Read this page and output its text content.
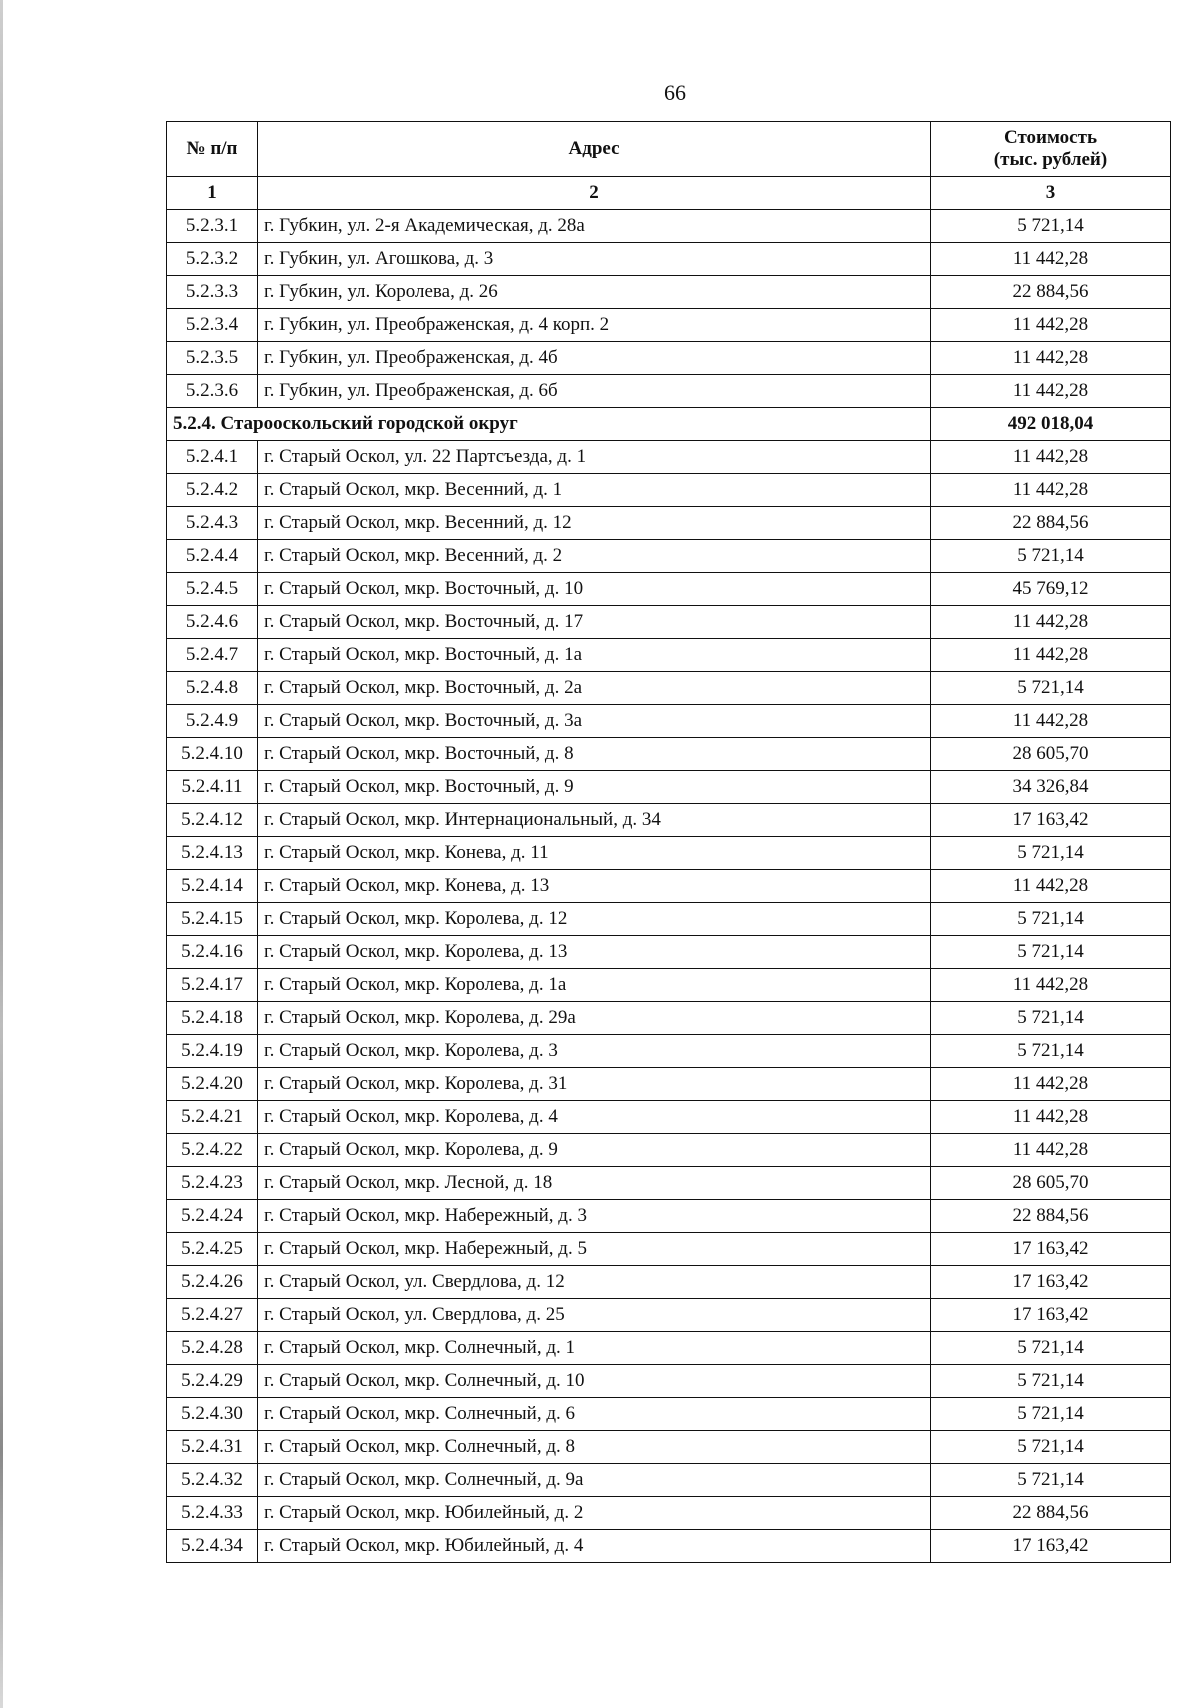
66
№ п/п	Адрес	Стоимость
(тыс. рублей)
1	2	3
5.2.3.1	г. Губкин, ул. 2-я Академическая, д. 28а	5 721,14
5.2.3.2	г. Губкин, ул. Агошкова, д. 3	11 442,28
5.2.3.3	г. Губкин, ул. Королева, д. 26	22 884,56
5.2.3.4	г. Губкин, ул. Преображенская, д. 4 корп. 2	11 442,28
5.2.3.5	г. Губкин, ул. Преображенская, д. 4б	11 442,28
5.2.3.6	г. Губкин, ул. Преображенская, д. 6б	11 442,28
5.2.4. Старооскольский городской округ		492 018,04
5.2.4.1	г. Старый Оскол, ул. 22 Партсъезда, д. 1	11 442,28
5.2.4.2	г. Старый Оскол, мкр. Весенний, д. 1	11 442,28
5.2.4.3	г. Старый Оскол, мкр. Весенний, д. 12	22 884,56
5.2.4.4	г. Старый Оскол, мкр. Весенний, д. 2	5 721,14
5.2.4.5	г. Старый Оскол, мкр. Восточный, д. 10	45 769,12
5.2.4.6	г. Старый Оскол, мкр. Восточный, д. 17	11 442,28
5.2.4.7	г. Старый Оскол, мкр. Восточный, д. 1а	11 442,28
5.2.4.8	г. Старый Оскол, мкр. Восточный, д. 2а	5 721,14
5.2.4.9	г. Старый Оскол, мкр. Восточный, д. 3а	11 442,28
5.2.4.10	г. Старый Оскол, мкр. Восточный, д. 8	28 605,70
5.2.4.11	г. Старый Оскол, мкр. Восточный, д. 9	34 326,84
5.2.4.12	г. Старый Оскол, мкр. Интернациональный, д. 34	17 163,42
5.2.4.13	г. Старый Оскол, мкр. Конева, д. 11	5 721,14
5.2.4.14	г. Старый Оскол, мкр. Конева, д. 13	11 442,28
5.2.4.15	г. Старый Оскол, мкр. Королева, д. 12	5 721,14
5.2.4.16	г. Старый Оскол, мкр. Королева, д. 13	5 721,14
5.2.4.17	г. Старый Оскол, мкр. Королева, д. 1а	11 442,28
5.2.4.18	г. Старый Оскол, мкр. Королева, д. 29а	5 721,14
5.2.4.19	г. Старый Оскол, мкр. Королева, д. 3	5 721,14
5.2.4.20	г. Старый Оскол, мкр. Королева, д. 31	11 442,28
5.2.4.21	г. Старый Оскол, мкр. Королева, д. 4	11 442,28
5.2.4.22	г. Старый Оскол, мкр. Королева, д. 9	11 442,28
5.2.4.23	г. Старый Оскол, мкр. Лесной, д. 18	28 605,70
5.2.4.24	г. Старый Оскол, мкр. Набережный, д. 3	22 884,56
5.2.4.25	г. Старый Оскол, мкр. Набережный, д. 5	17 163,42
5.2.4.26	г. Старый Оскол, ул. Свердлова, д. 12	17 163,42
5.2.4.27	г. Старый Оскол, ул. Свердлова, д. 25	17 163,42
5.2.4.28	г. Старый Оскол, мкр. Солнечный, д. 1	5 721,14
5.2.4.29	г. Старый Оскол, мкр. Солнечный, д. 10	5 721,14
5.2.4.30	г. Старый Оскол, мкр. Солнечный, д. 6	5 721,14
5.2.4.31	г. Старый Оскол, мкр. Солнечный, д. 8	5 721,14
5.2.4.32	г. Старый Оскол, мкр. Солнечный, д. 9а	5 721,14
5.2.4.33	г. Старый Оскол, мкр. Юбилейный, д. 2	22 884,56
5.2.4.34	г. Старый Оскол, мкр. Юбилейный, д. 4	17 163,42
